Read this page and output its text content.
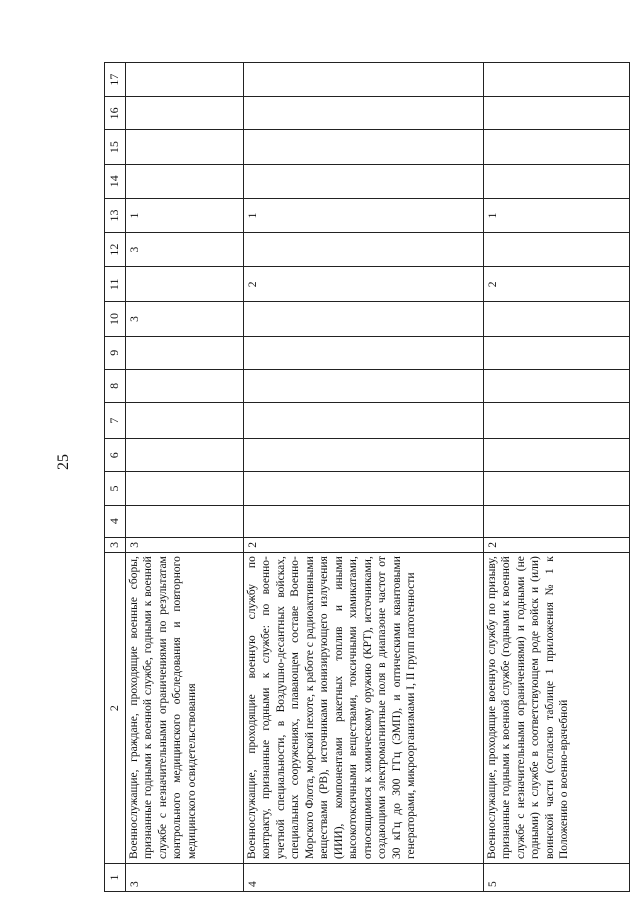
25
1	2	3	4	5	6	7	8	9	10	11	12	13	14	15	16	17
3	Военнослужащие, граждане, проходящие военные сборы, признанные годными к военной службе, годными к военной службе с незначительными ограничениями по результатам контрольного медицинского обследования и повторного медицинского освидетельствования	3							3		3	1				
4	Военнослужащие, проходящие военную службу по контракту, признанные годными к службе: по военно-учетной специальности, в Воздушно-десантных войсках, специальных сооружениях, плавающем составе Военно-Морского Флота, морской пехоте, к работе с радиоактивными веществами (РВ), источниками ионизирующего излучения (ИИИ), компонентами ракетных топлив и иными высокотоксичными веществами, токсичными химикатами, относящимися к химическому оружию (КРТ), источниками, создающими электромагнитные поля в диапазоне частот от 30 кГц до 300 ГГц (ЭМП), и оптическими квантовыми генераторами, микроорганизмами I, II групп патогенности	2								2		1				
5	Военнослужащие, проходящие военную службу по призыву, признанные годными к военной службе (годными к военной службе с незначительными ограничениями) и годными (не годными) к службе в соответствующем роде войск и (или) воинской части (согласно таблице 1 приложения № 1 к Положению о военно-врачебной	2								2		1				
